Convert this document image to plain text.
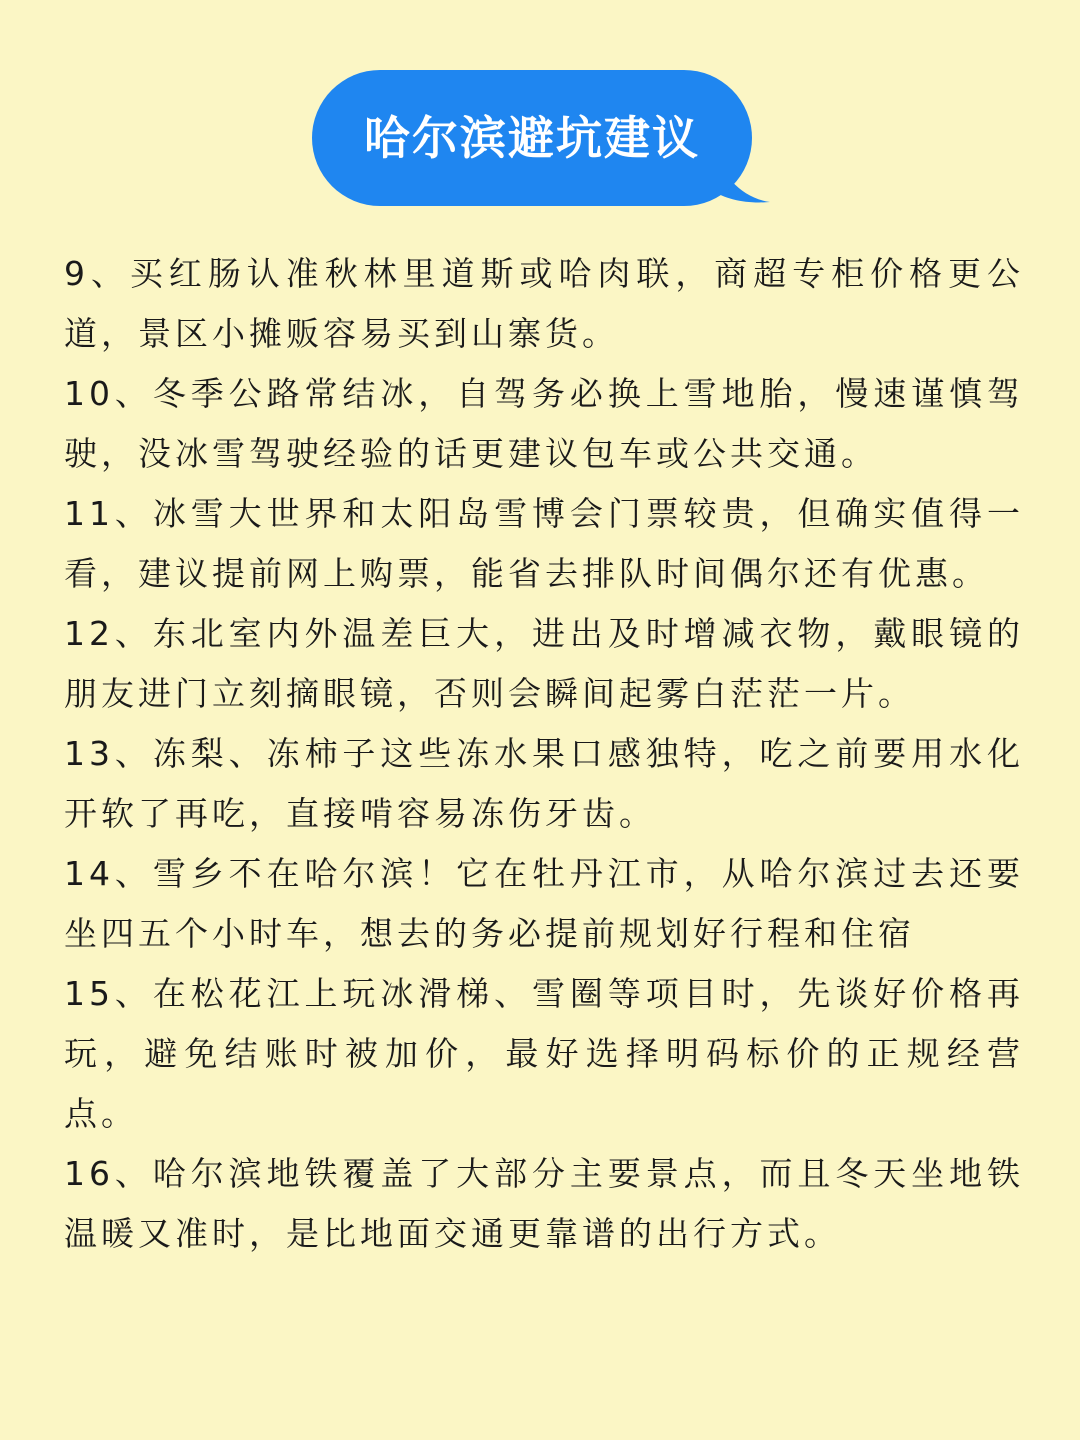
哈尔滨避坑建议
9、买红肠认准秋林里道斯或哈肉联，商超专柜价格更公道，景区小摊贩容易买到山寨货。
10、冬季公路常结冰，自驾务必换上雪地胎，慢速谨慎驾驶，没冰雪驾驶经验的话更建议包车或公共交通。
11、冰雪大世界和太阳岛雪博会门票较贵，但确实值得一看，建议提前网上购票，能省去排队时间偶尔还有优惠。
12、东北室内外温差巨大，进出及时增减衣物，戴眼镜的朋友进门立刻摘眼镜，否则会瞬间起雾白茫茫一片。
13、冻梨、冻柿子这些冻水果口感独特，吃之前要用水化开软了再吃，直接啃容易冻伤牙齿。
14、雪乡不在哈尔滨！它在牡丹江市，从哈尔滨过去还要坐四五个小时车，想去的务必提前规划好行程和住宿
15、在松花江上玩冰滑梯、雪圈等项目时，先谈好价格再玩，避免结账时被加价，最好选择明码标价的正规经营点。
16、哈尔滨地铁覆盖了大部分主要景点，而且冬天坐地铁温暖又准时，是比地面交通更靠谱的出行方式。
